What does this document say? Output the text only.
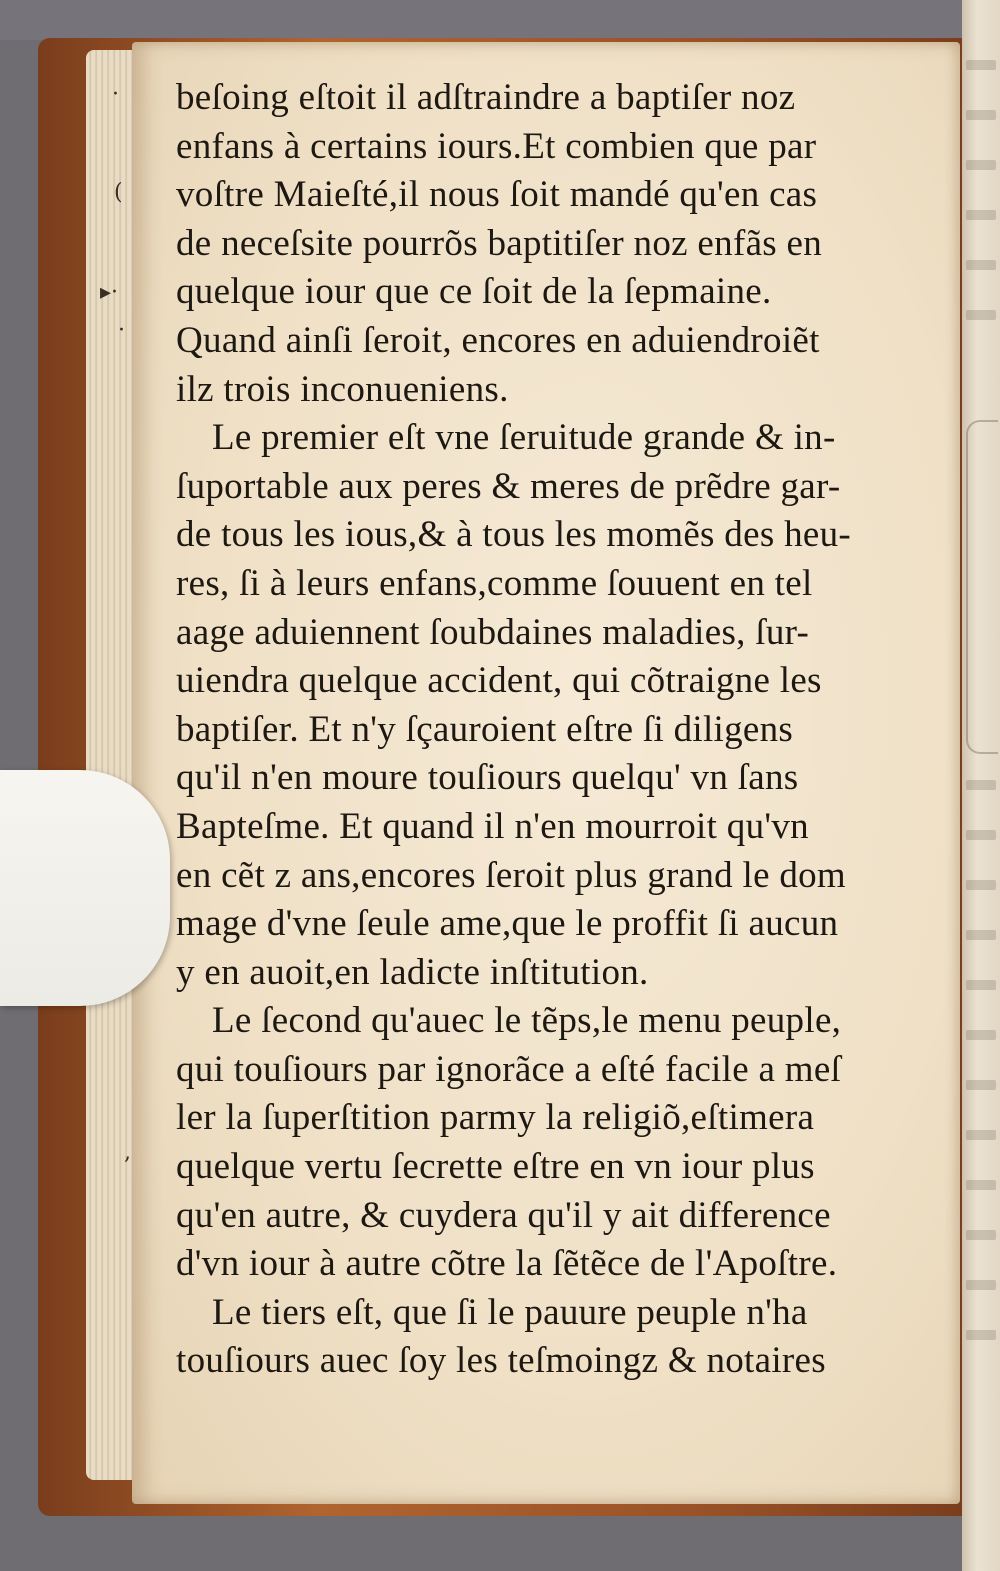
·
(
▸·
·
,
beſoing eſtoit il adſtraindre a baptiſer noz
enfans à certains iours.Et combien que par
voſtre Maieſté,il nous ſoit mandé qu'en cas
de neceſsite pourrõs baptitiſer noz enfãs en
quelque iour que ce ſoit de la ſepmaine.
Quand ainſi ſeroit, encores en aduiendroiẽt
ilz trois inconueniens.
Le premier eſt vne ſeruitude grande & in-
ſuportable aux peres & meres de prẽdre gar-
de tous les ious,& à tous les momẽs des heu-
res, ſi à leurs enfans,comme ſouuent en tel
aage aduiennent ſoubdaines maladies, ſur-
uiendra quelque accident, qui cõtraigne les
baptiſer. Et n'y ſçauroient eſtre ſi diligens
qu'il n'en moure touſiours quelqu' vn ſans
Bapteſme. Et quand il n'en mourroit qu'vn
en cẽt z ans,encores ſeroit plus grand le dom
mage d'vne ſeule ame,que le proffit ſi aucun
y en auoit,en ladicte inſtitution.
Le ſecond qu'auec le tẽps,le menu peuple,
qui touſiours par ignorãce a eſté facile a meſ
ler la ſuperſtition parmy la religiõ,eſtimera
quelque vertu ſecrette eſtre en vn iour plus
qu'en autre, & cuydera qu'il y ait difference
d'vn iour à autre cõtre la ſẽtẽce de l'Apoſtre.
Le tiers eſt, que ſi le pauure peuple n'ha
touſiours auec ſoy les teſmoingz & notaires
